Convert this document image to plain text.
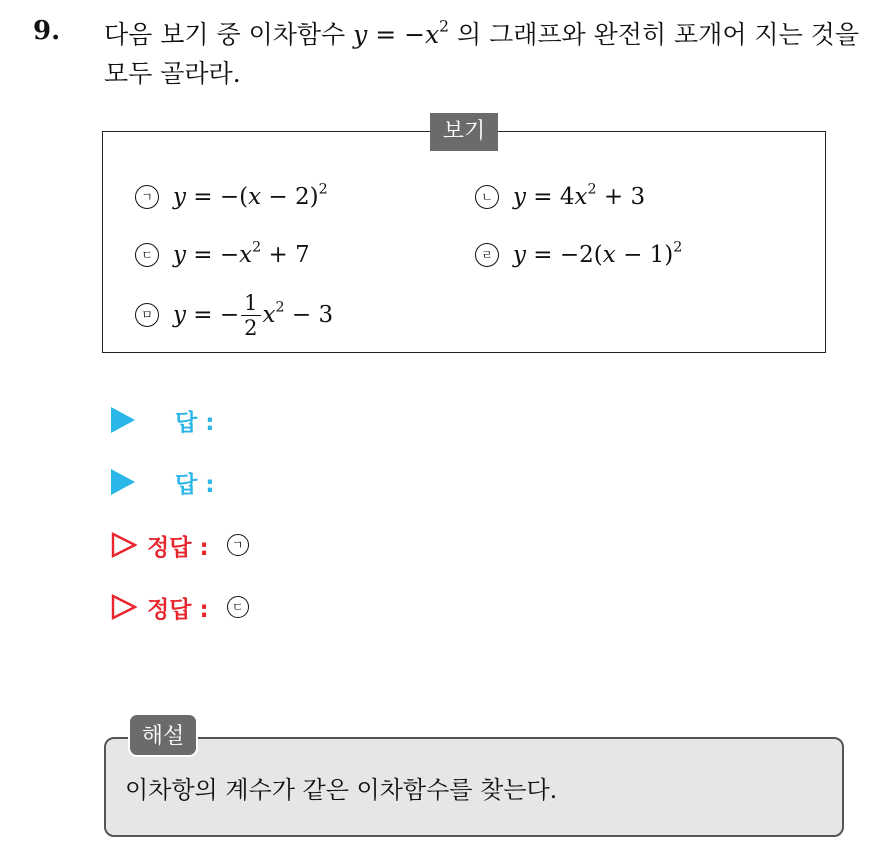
9. 다음 보기 중 이차함수 $y = -x^2$ 의 그래프와 완전히 포개어 지는 것을
모두 골라라.
보기
ㄱ $y = -(x - 2)^2$	ㄴ $y = 4x^2 + 3$
ㄷ $y = -x^2 + 7$	ㄹ $y = -2(x - 1)^2$
ㅁ y = − $\frac{1}{2} x^2 - 3$
답 :
답 :
정답 :	ㄱ
정답 :	ㄷ
해설
이차항의 계수가 같은 이차함수를 찾는다.
